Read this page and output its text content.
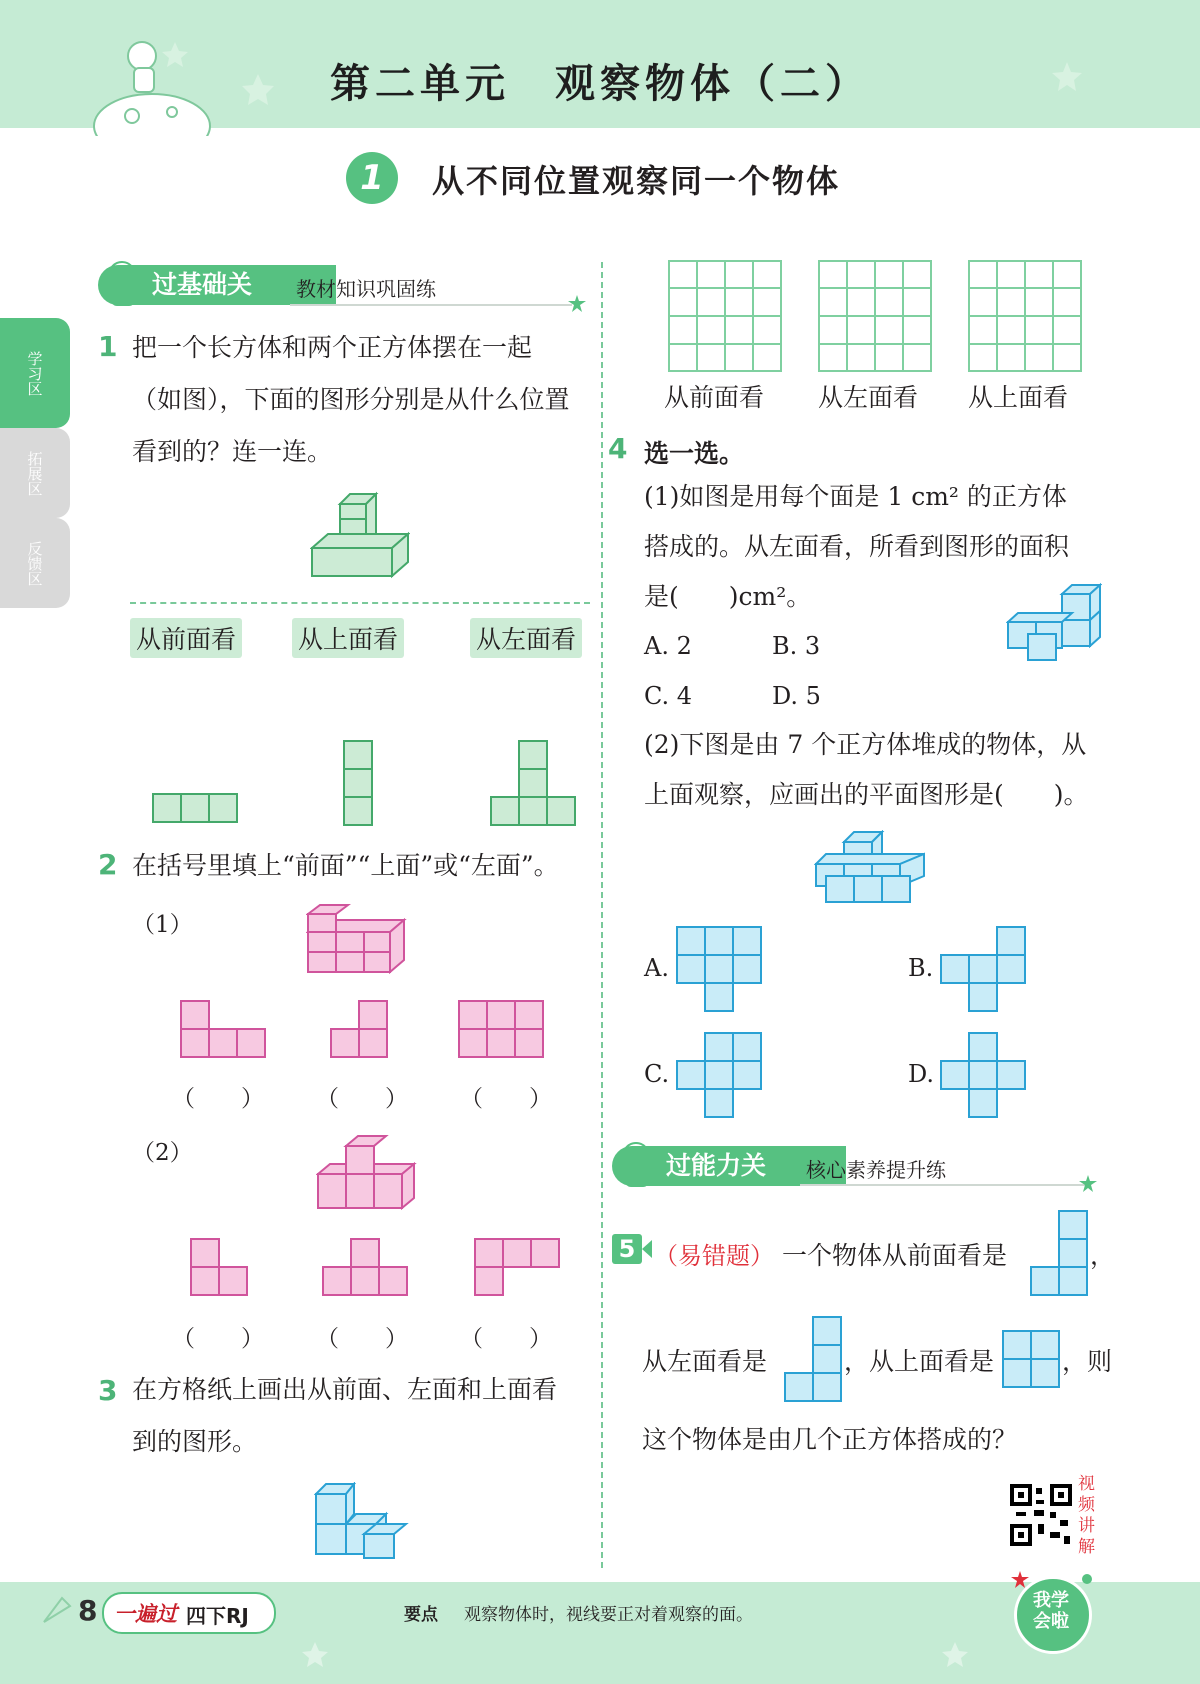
第二单元　观察物体（二）
1	从不同位置观察同一个物体
学习区
拓展区
反馈区
过基础关	教材知识巩固练
1 把一个长方体和两个正方体摆在一起
（如图），下面的图形分别是从什么位置
看到的？连一连。
从前面看 从上面看	从左面看
2 在括号里填上“前面”“上面”或“左面”。
（1）
（　　） （　　） （　　）
（2）
（　　） （　　） （　　）
3 在方格纸上画出从前面、左面和上面看
到的图形。
从前面看 从左面看 从上面看
4 选一选。
(1)如图是用每个面是 1 cm² 的正方体
搭成的。从左面看，所看到图形的面积
是(　　)cm²。
A. 2	B. 3
C. 4	D. 5
(2)下图是由 7 个正方体堆成的物体，从
上面观察，应画出的平面图形是(　　)。
A.	B.
C.	D.
过能力关	核心素养提升练
5 （易错题） 一个物体从前面看是	，
从左面看是	，从上面看是	，则
这个物体是由几个正方体搭成的？
视频讲解
8 一遍过 四下RJ	要点 观察物体时，视线要正对着观察的面。
我学会啦
